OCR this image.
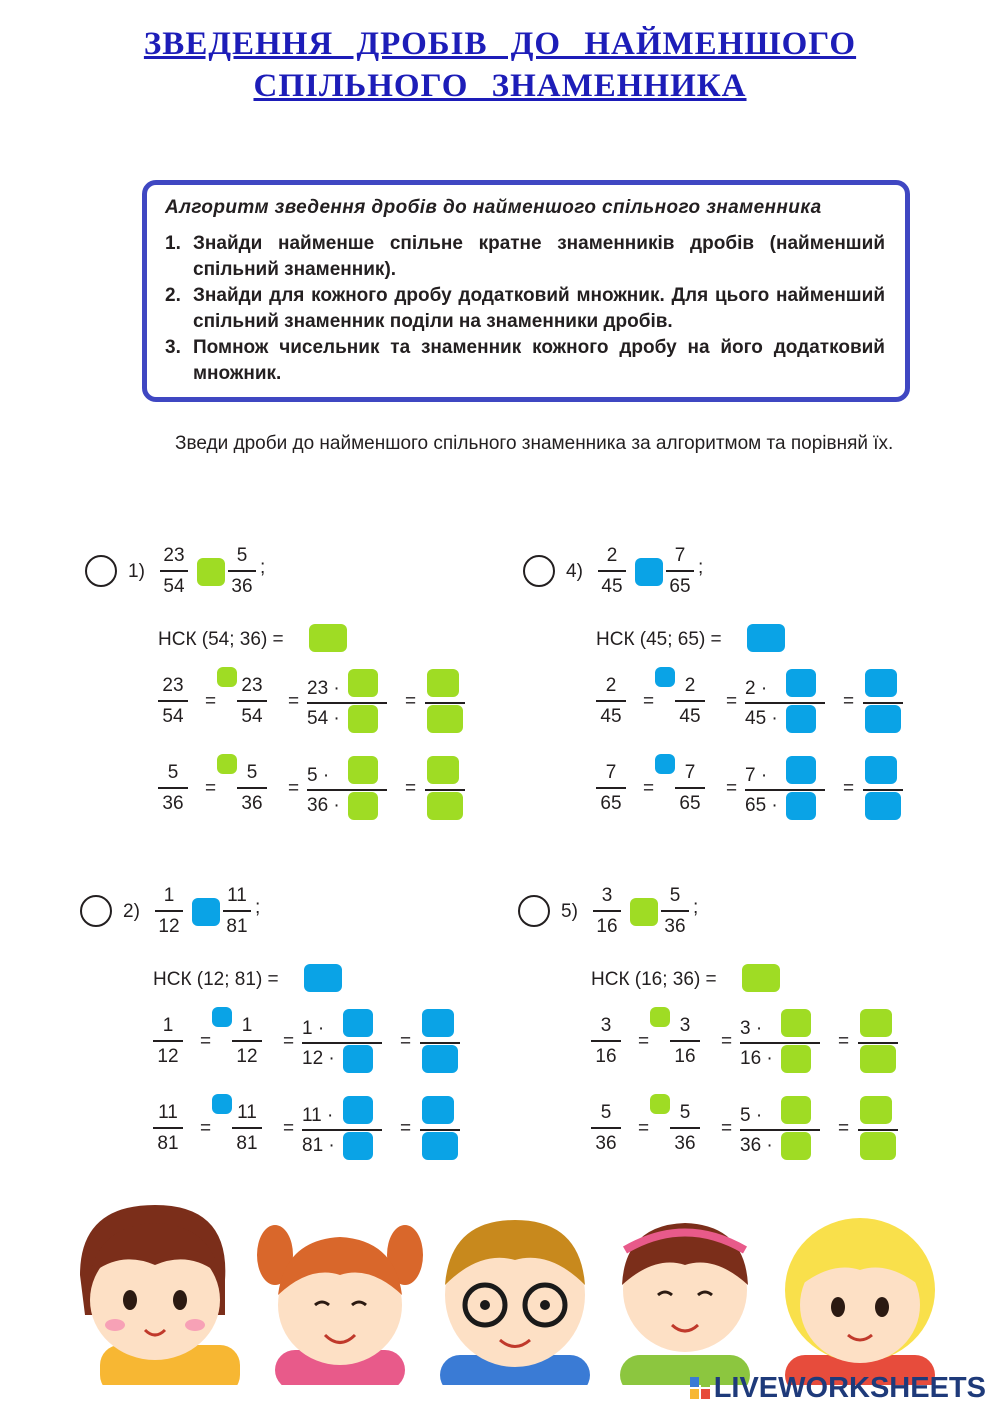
ЗВЕДЕННЯ ДРОБІВ ДО НАЙМЕНШОГО
СПІЛЬНОГО ЗНАМЕННИКА
Алгоритм зведення дробів до найменшого спільного знаменника
1. Знайди найменше спільне кратне знаменників дробів (найменший спільний знаменник).
2. Знайди для кожного дробу додатковий множник. Для цього найменший спільний знаменник поділи на знаменники дробів.
3. Помнож чисельник та знаменник кожного дробу на його додатковий множник.
Зведи дроби до найменшого спільного знаменника за алгоритмом та порівняй їх.
1)
23
54
5
36
;
НСК (54; 36) =
23
54
=
23
54
=
23 ·
54 ·
=
5
36
=
5
36
=
5 ·
36 ·
=
4)
2
45
7
65
;
НСК (45; 65) =
2
45
=
2
45
=
2 ·
45 ·
=
7
65
=
7
65
=
7 ·
65 ·
=
2)
1
12
11
81
;
НСК (12; 81) =
1
12
=
1
12
=
1 ·
12 ·
=
11
81
=
11
81
=
11 ·
81 ·
=
5)
3
16
5
36
;
НСК (16; 36) =
3
16
=
3
16
=
3 ·
16 ·
=
5
36
=
5
36
=
5 ·
36 ·
=
LIVEWORKSHEETS
